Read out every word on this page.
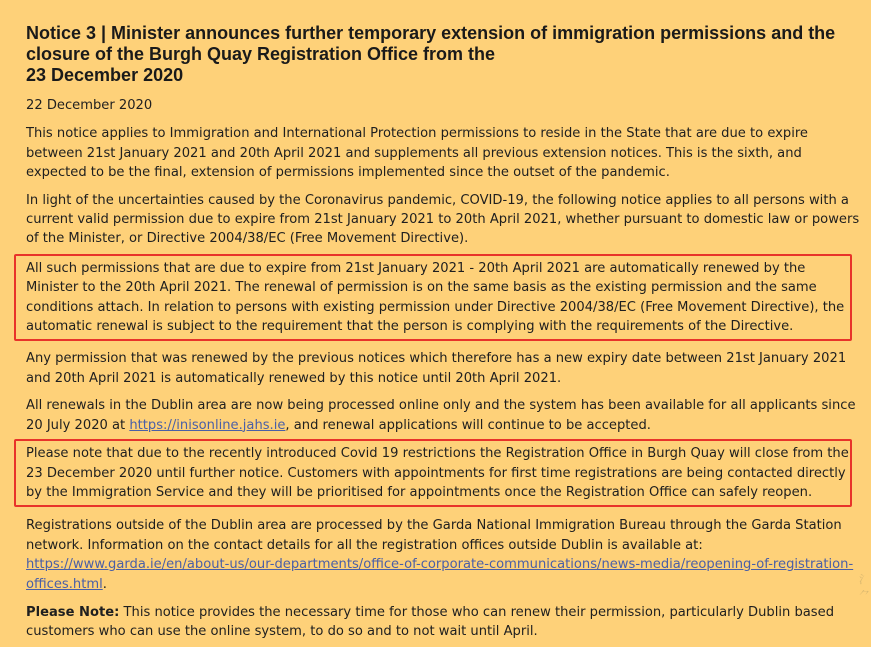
Notice 3 | Minister announces further temporary extension of immigration permissions and the
closure of the Burgh Quay Registration Office from the
23 December 2020

22 December 2020

This notice applies to Immigration and International Protection permissions to reside in the State that are due to expire between 21st January 2021 and 20th April 2021 and supplements all previous extension notices. This is the sixth, and expected to be the final, extension of permissions implemented since the outset of the pandemic.

In light of the uncertainties caused by the Coronavirus pandemic, COVID-19, the following notice applies to all persons with a current valid permission due to expire from 21st January 2021 to 20th April 2021, whether pursuant to domestic law or powers of the Minister, or Directive 2004/38/EC (Free Movement Directive).

All such permissions that are due to expire from 21st January 2021 - 20th April 2021 are automatically renewed by the Minister to the 20th April 2021. The renewal of permission is on the same basis as the existing permission and the same conditions attach. In relation to persons with existing permission under Directive 2004/38/EC (Free Movement Directive), the automatic renewal is subject to the requirement that the person is complying with the requirements of the Directive.

Any permission that was renewed by the previous notices which therefore has a new expiry date between 21st January 2021 and 20th April 2021 is automatically renewed by this notice until 20th April 2021.

All renewals in the Dublin area are now being processed online only and the system has been available for all applicants since 20 July 2020 at https://inisonline.jahs.ie, and renewal applications will continue to be accepted.

Please note that due to the recently introduced Covid 19 restrictions the Registration Office in Burgh Quay will close from the 23 December 2020 until further notice. Customers with appointments for first time registrations are being contacted directly by the Immigration Service and they will be prioritised for appointments once the Registration Office can safely reopen.

Registrations outside of the Dublin area are processed by the Garda National Immigration Bureau through the Garda Station network. Information on the contact details for all the registration offices outside Dublin is available at: https://www.garda.ie/en/about-us/our-departments/office-of-corporate-communications/news-media/reopening-of-registration-offices.html.

Please Note: This notice provides the necessary time for those who can renew their permission, particularly Dublin based customers who can use the online system, to do so and to not wait until April.

氵
⺈
